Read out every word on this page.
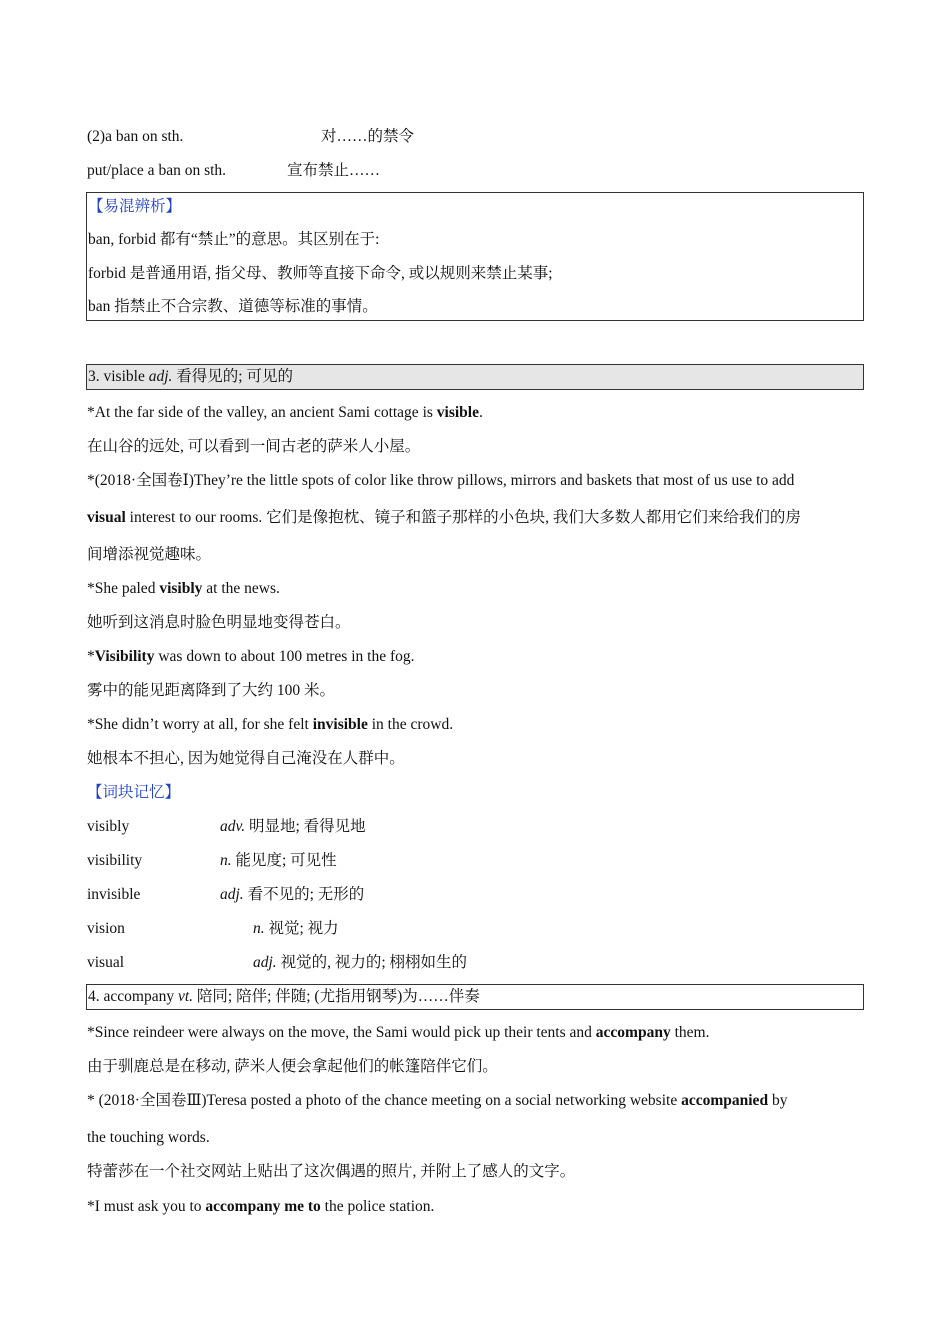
(2)a ban on sth.	对……的禁令
put/place a ban on sth.	宣布禁止……
【易混辨析】
ban, forbid 都有“禁止”的意思。其区别在于:
forbid 是普通用语, 指父母、教师等直接下命令, 或以规则来禁止某事;
ban 指禁止不合宗教、道德等标准的事情。
3. visible adj. 看得见的; 可见的
*At the far side of the valley, an ancient Sami cottage is visible.
在山谷的远处, 可以看到一间古老的萨米人小屋。
*(2018·全国卷Ⅰ)They’re the little spots of color like throw pillows, mirrors and baskets that most of us use to add
visual interest to our rooms. 它们是像抱枕、镜子和篮子那样的小色块, 我们大多数人都用它们来给我们的房
间增添视觉趣味。
*She paled visibly at the news.
她听到这消息时脸色明显地变得苍白。
*Visibility was down to about 100 metres in the fog.
雾中的能见距离降到了大约 100 米。
*She didn’t worry at all, for she felt invisible in the crowd.
她根本不担心, 因为她觉得自己淹没在人群中。
【词块记忆】
visibly	adv. 明显地; 看得见地
visibility	n. 能见度; 可见性
invisible	adj. 看不见的; 无形的
vision	n. 视觉; 视力
visual	adj. 视觉的, 视力的; 栩栩如生的
4. accompany vt. 陪同; 陪伴; 伴随; (尤指用钢琴)为……伴奏
*Since reindeer were always on the move, the Sami would pick up their tents and accompany them.
由于驯鹿总是在移动, 萨米人便会拿起他们的帐篷陪伴它们。
* (2018·全国卷Ⅲ)Teresa posted a photo of the chance meeting on a social networking website accompanied by
the touching words.
特蕾莎在一个社交网站上贴出了这次偶遇的照片, 并附上了感人的文字。
*I must ask you to accompany me to the police station.
